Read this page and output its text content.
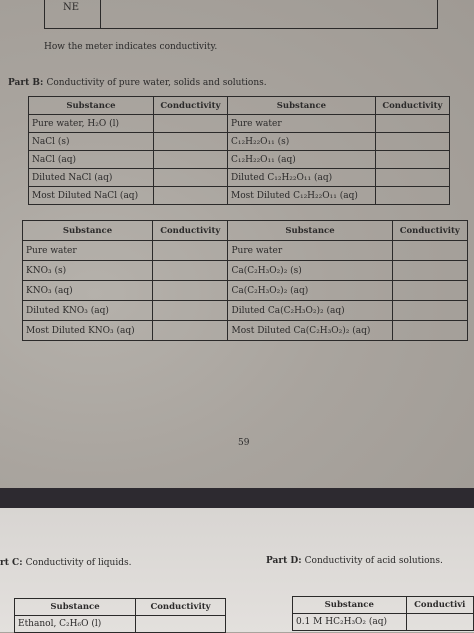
NE
How the meter indicates conductivity.
Part B: Conductivity of pure water, solids and solutions.
Substance	Conductivity	Substance	Conductivity
Pure water, H₂O (l)		Pure water	
NaCl (s)		C₁₂H₂₂O₁₁ (s)	
NaCl (aq)		C₁₂H₂₂O₁₁ (aq)	
Diluted NaCl (aq)		Diluted C₁₂H₂₂O₁₁ (aq)	
Most Diluted NaCl (aq)		Most Diluted C₁₂H₂₂O₁₁ (aq)	
Substance	Conductivity	Substance	Conductivity
Pure water		Pure water	
KNO₃ (s)		Ca(C₂H₃O₂)₂ (s)	
KNO₃ (aq)		Ca(C₂H₃O₂)₂ (aq)	
Diluted KNO₃ (aq)		Diluted Ca(C₂H₃O₂)₂ (aq)	
Most Diluted KNO₃ (aq)		Most Diluted Ca(C₂H₃O₂)₂ (aq)	
59
rt C: Conductivity of liquids.	Part D: Conductivity of acid solutions.
Substance	Conductivity
Ethanol, C₂H₆O (l)	
Substance	Conductivi
0.1 M HC₂H₃O₂ (aq)	
